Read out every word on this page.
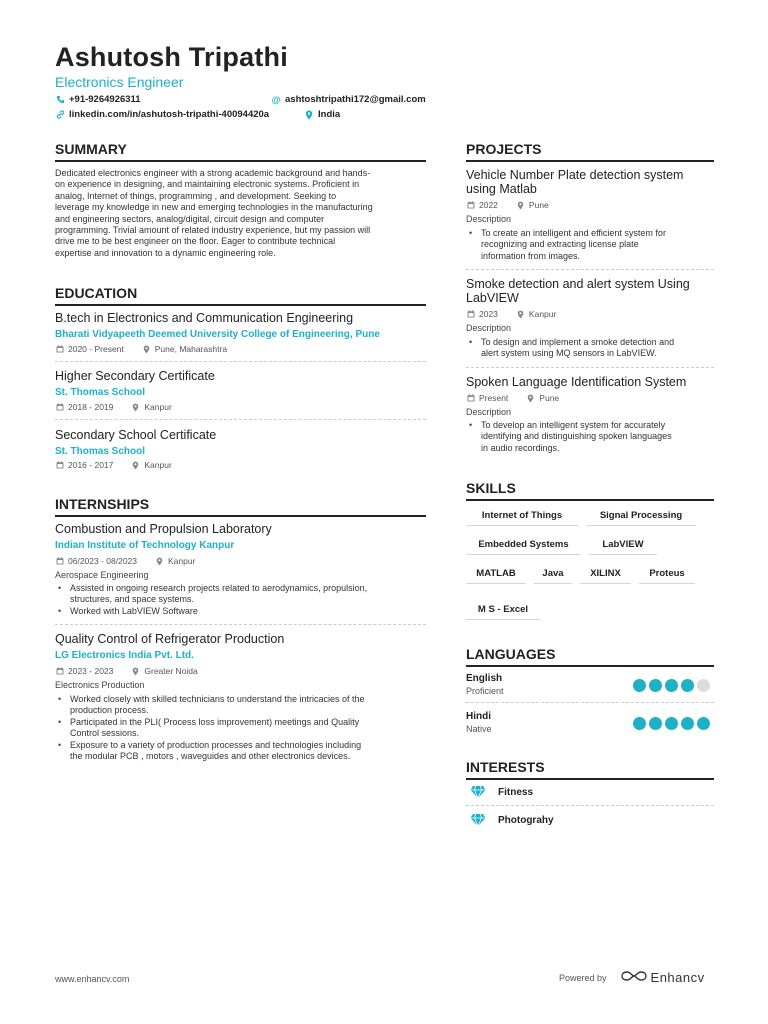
Ashutosh Tripathi
Electronics Engineer
+91-9264926311	@ ashtoshtripathi172@gmail.com
linkedin.com/in/ashutosh-tripathi-40094420a	India
SUMMARY
Dedicated electronics engineer with a strong academic background and hands-
on experience in designing, and maintaining electronic systems. Proficient in
analog, Internet of things, programming , and development. Seeking to
leverage my knowledge in new and emerging technologies in the manufacturing
and engineering sectors, analog/digital, circuit design and computer
programming. Trivial amount of related industry experience, but my passion will
drive me to be best engineer on the floor. Eager to contribute technical
expertise and innovation to a dynamic engineering role.
EDUCATION
B.tech in Electronics and Communication Engineering
Bharati Vidyapeeth Deemed University College of Engineering, Pune
2020 - Present	Pune, Maharashtra
Higher Secondary Certificate
St. Thomas School
2018 - 2019	Kanpur
Secondary School Certificate
St. Thomas School
2016 - 2017	Kanpur
INTERNSHIPS
Combustion and Propulsion Laboratory
Indian Institute of Technology Kanpur
06/2023 - 08/2023	Kanpur
Aerospace Engineering
• Assisted in ongoing research projects related to aerodynamics, propulsion,
structures, and space systems.
• Worked with LabVIEW Software
Quality Control of Refrigerator Production
LG Electronics India Pvt. Ltd.
2023 - 2023	Greater Noida
Electronics Production
• Worked closely with skilled technicians to understand the intricacies of the
production process.
• Participated in the PLI( Process loss improvement) meetings and Quality
Control sessions.
• Exposure to a variety of production processes and technologies including
the modular PCB , motors , waveguides and other electronics devices.
PROJECTS
Vehicle Number Plate detection system
using Matlab
2022	Pune
Description
• To create an intelligent and efficient system for
recognizing and extracting license plate
information from images.
Smoke detection and alert system Using
LabVIEW
2023	Kanpur
Description
• To design and implement a smoke detection and
alert system using MQ sensors in LabVIEW.
Spoken Language Identification System
Present	Pune
Description
• To develop an intelligent system for accurately
identifying and distinguishing spoken languages
in audio recordings.
SKILLS
Internet of Things	Signal Processing
Embedded Systems	LabVIEW
MATLAB	Java	XILINX	Proteus
M S - Excel
LANGUAGES
English
Proficient
Hindi
Native
INTERESTS
Fitness
Photograhy
www.enhancv.com	Powered by	Enhancv
